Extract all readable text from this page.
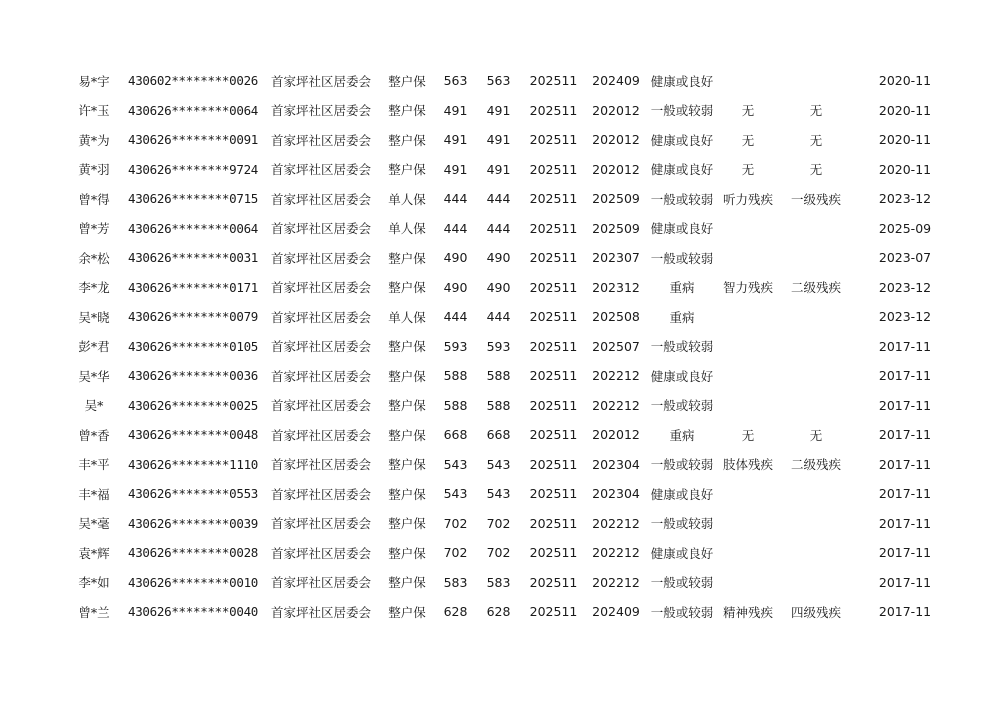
易*宇	430602********0026	首家坪社区居委会	整户保	563	563	202511	202409	健康或良好				2020-11
许*玉	430626********0064	首家坪社区居委会	整户保	491	491	202511	202012	一般或较弱	无	无		2020-11
黄*为	430626********0091	首家坪社区居委会	整户保	491	491	202511	202012	健康或良好	无	无		2020-11
黄*羽	430626********9724	首家坪社区居委会	整户保	491	491	202511	202012	健康或良好	无	无		2020-11
曾*得	430626********0715	首家坪社区居委会	单人保	444	444	202511	202509	一般或较弱	听力残疾	一级残疾		2023-12
曾*芳	430626********0064	首家坪社区居委会	单人保	444	444	202511	202509	健康或良好				2025-09
余*松	430626********0031	首家坪社区居委会	整户保	490	490	202511	202307	一般或较弱				2023-07
李*龙	430626********0171	首家坪社区居委会	整户保	490	490	202511	202312	重病	智力残疾	二级残疾		2023-12
吴*晓	430626********0079	首家坪社区居委会	单人保	444	444	202511	202508	重病				2023-12
彭*君	430626********0105	首家坪社区居委会	整户保	593	593	202511	202507	一般或较弱				2017-11
吴*华	430626********0036	首家坪社区居委会	整户保	588	588	202511	202212	健康或良好				2017-11
吴*	430626********0025	首家坪社区居委会	整户保	588	588	202511	202212	一般或较弱				2017-11
曾*香	430626********0048	首家坪社区居委会	整户保	668	668	202511	202012	重病	无	无		2017-11
丰*平	430626********1110	首家坪社区居委会	整户保	543	543	202511	202304	一般或较弱	肢体残疾	二级残疾		2017-11
丰*福	430626********0553	首家坪社区居委会	整户保	543	543	202511	202304	健康或良好				2017-11
吴*毫	430626********0039	首家坪社区居委会	整户保	702	702	202511	202212	一般或较弱				2017-11
袁*辉	430626********0028	首家坪社区居委会	整户保	702	702	202511	202212	健康或良好				2017-11
李*如	430626********0010	首家坪社区居委会	整户保	583	583	202511	202212	一般或较弱				2017-11
曾*兰	430626********0040	首家坪社区居委会	整户保	628	628	202511	202409	一般或较弱	精神残疾	四级残疾		2017-11
